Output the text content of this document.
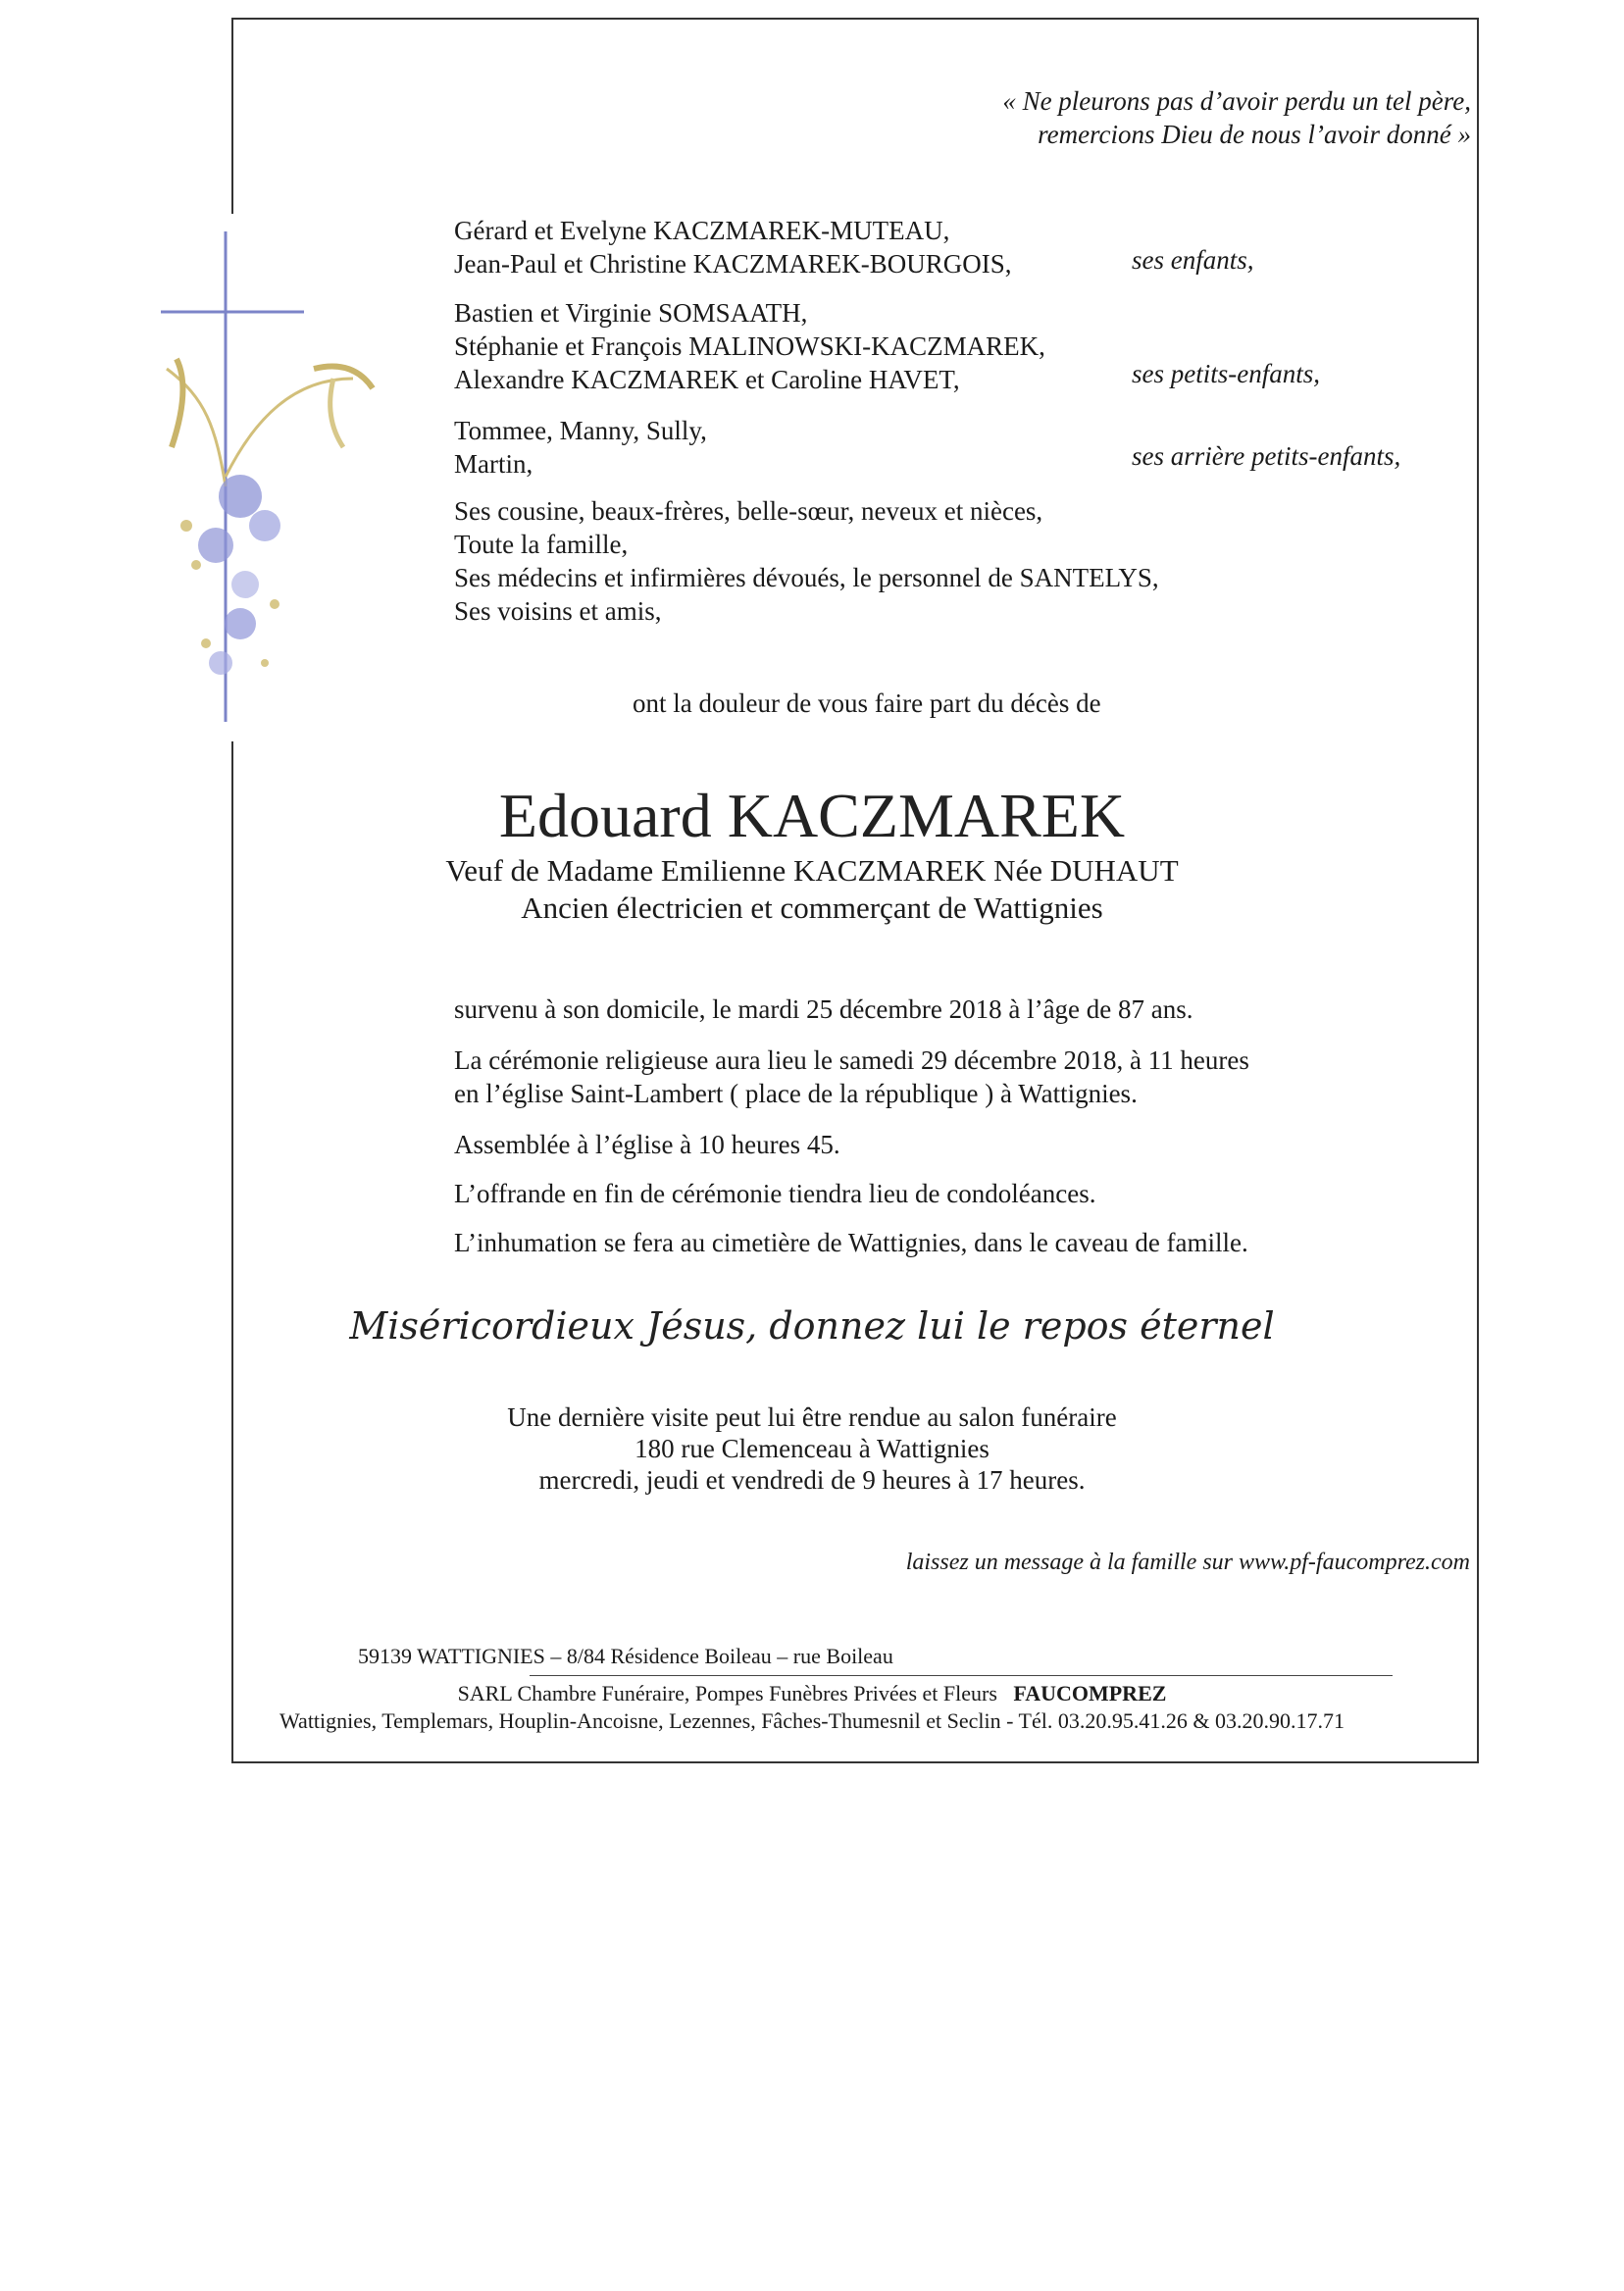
« Ne pleurons pas d’avoir perdu un tel père,
remercions Dieu de nous l’avoir donné »
Gérard et Evelyne KACZMAREK-MUTEAU,
Jean-Paul et Christine KACZMAREK-BOURGOIS,	ses enfants,
Bastien et Virginie SOMSAATH,
Stéphanie et François MALINOWSKI-KACZMAREK,
Alexandre KACZMAREK et Caroline HAVET,	ses petits-enfants,
Tommee, Manny, Sully,
Martin,	ses arrière petits-enfants,
Ses cousine, beaux-frères, belle-sœur, neveux et nièces,
Toute la famille,
Ses médecins et infirmières dévoués, le personnel de SANTELYS,
Ses voisins et amis,
ont la douleur de vous faire part du décès de
Edouard KACZMAREK
Veuf de Madame Emilienne KACZMAREK Née DUHAUT
Ancien électricien et commerçant de Wattignies
survenu à son domicile, le mardi 25 décembre 2018 à l’âge de 87 ans.
La cérémonie religieuse aura lieu le samedi 29 décembre 2018, à 11 heures
en l’église Saint-Lambert ( place de la république ) à Wattignies.
Assemblée à l’église à 10 heures 45.
L’offrande en fin de cérémonie tiendra lieu de condoléances.
L’inhumation se fera au cimetière de Wattignies, dans le caveau de famille.
Miséricordieux Jésus, donnez lui le repos éternel
Une dernière visite peut lui être rendue au salon funéraire
180 rue Clemenceau à Wattignies
mercredi, jeudi et vendredi de 9 heures à 17 heures.
laissez un message à la famille sur www.pf-faucomprez.com
59139 WATTIGNIES – 8/84 Résidence Boileau – rue Boileau
SARL Chambre Funéraire, Pompes Funèbres Privées et Fleurs FAUCOMPREZ
Wattignies, Templemars, Houplin-Ancoisne, Lezennes, Fâches-Thumesnil et Seclin - Tél. 03.20.95.41.26 & 03.20.90.17.71
